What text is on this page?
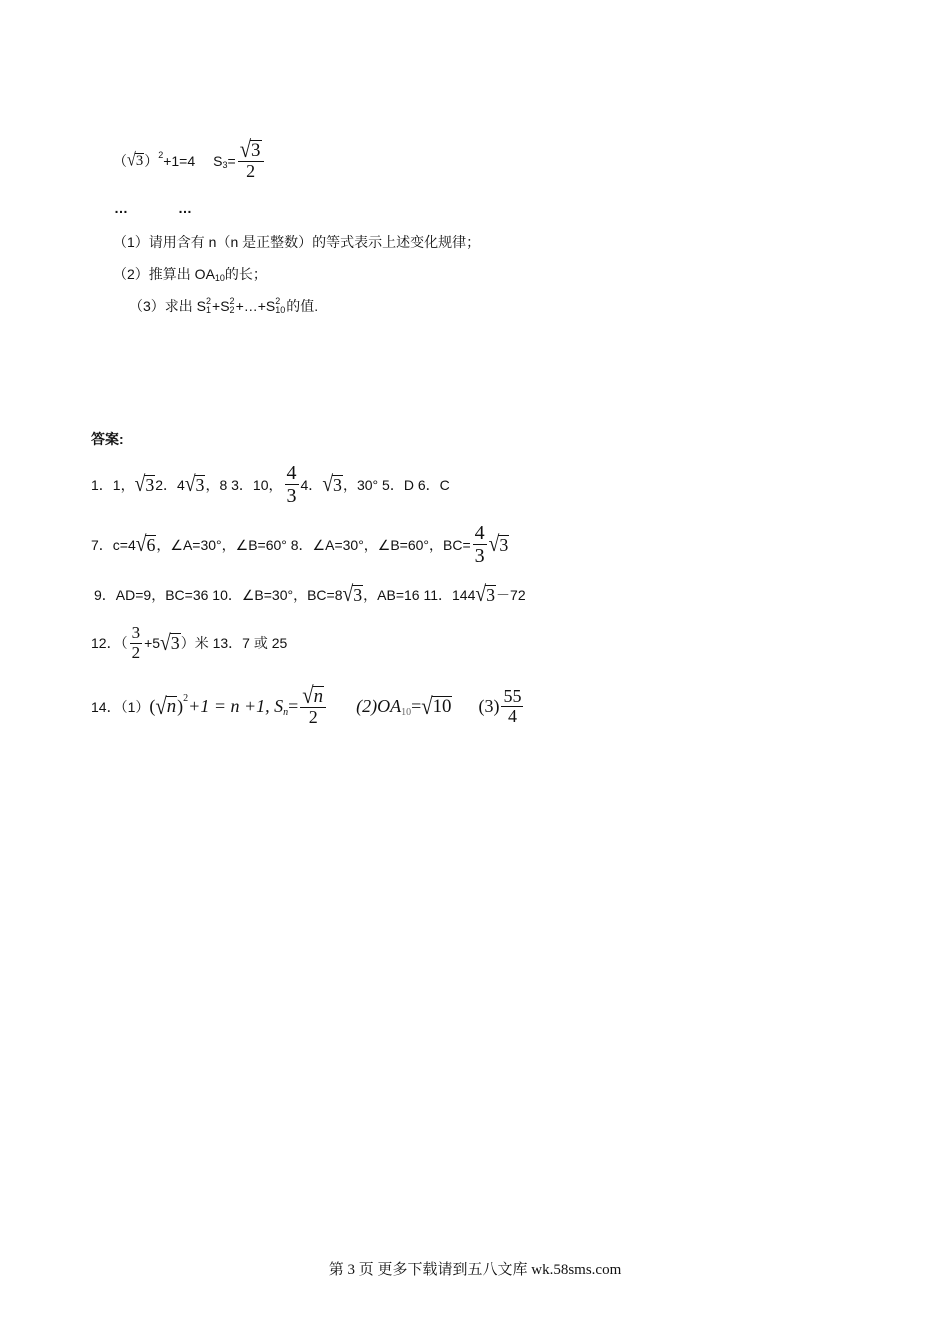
（ √ 3 ）$^2$ +1=4 $S_3 = \frac{√ 3}{2}$
…	…
（1）请用含有 n（n 是正整数）的等式表示上述变化规律；
（2）推算出 $OA_{10}$ 的长；
（3）求出 S 2
1 +S 2
2 +…+S 2
10 的值.
答案:
1．1， √ 3 2．4 √ 3 ，8 3．10， $\frac{4}{3} 4$． √ 3 ，30° 5．D 6．C
7．c=4 √ 6 ，∠A=30°，∠B=60° 8．∠A=30°，∠B=60°，$BC= \frac{4}{3}$ √ 3
9．AD=9，BC=36 10．∠B=30°，BC=8 √ 3 ，AB=16 11．144 √ 3 －72
12．（ $\frac{3}{2} +5$ √ 3 ）米 13．7 或 25
14．（1） ( √ n )$^2$ +1 = n +1, $S_n = \frac{√ n}{2} (2)OA_{10}$ = √ 10 $(3) \frac{55}{4}$
第 3 页 更多下载请到五八文库 wk.58sms.com
